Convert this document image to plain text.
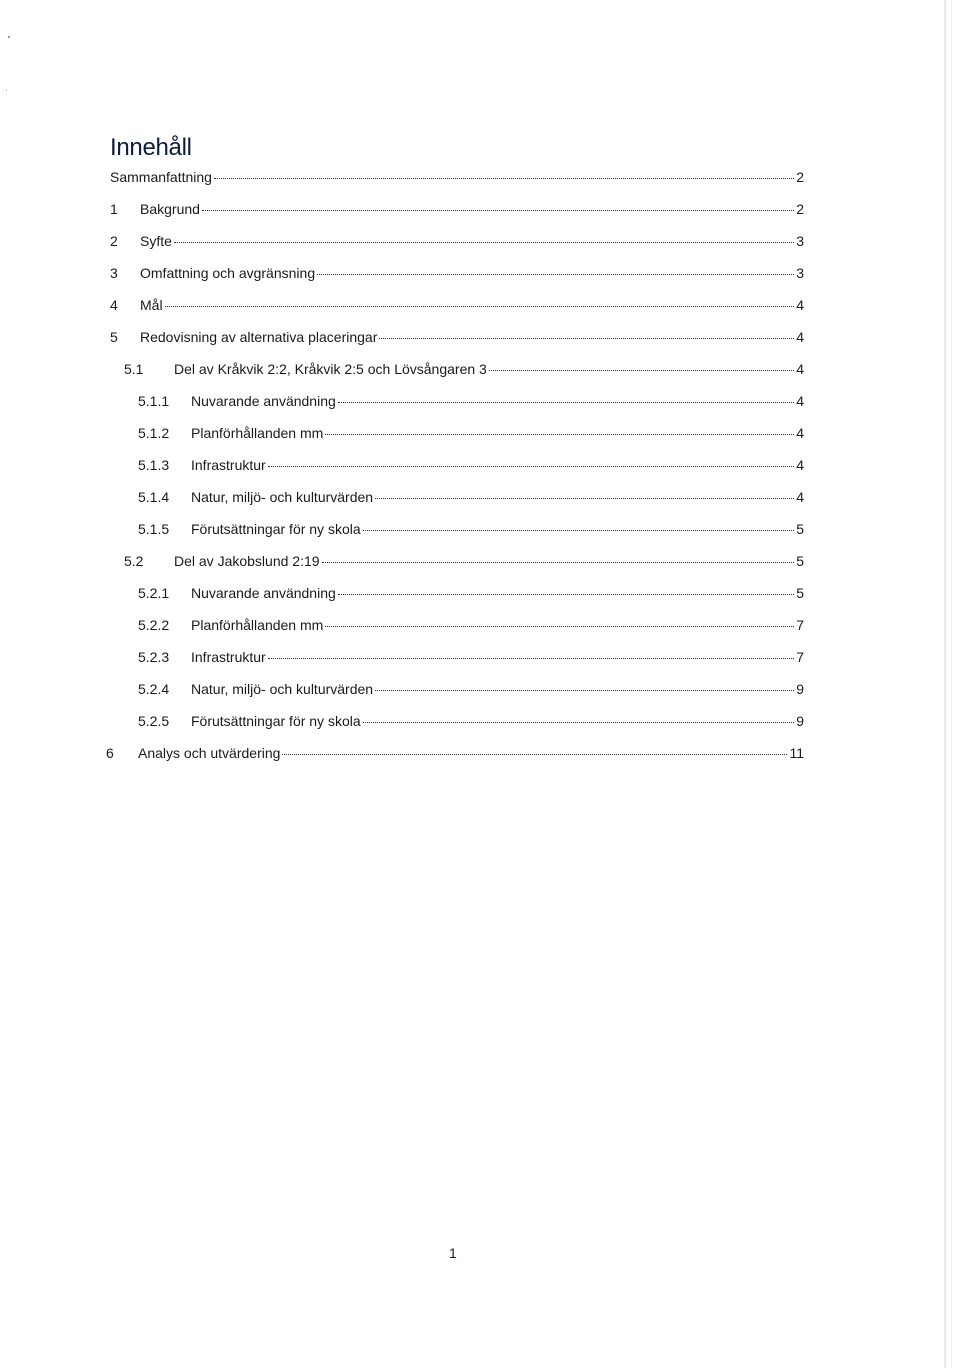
Innehåll
Sammanfattning	2
1	Bakgrund	2
2	Syfte	3
3	Omfattning och avgränsning	3
4	Mål	4
5	Redovisning av alternativa placeringar	4
5.1	Del av Kråkvik 2:2, Kråkvik 2:5 och Lövsångaren 3	4
5.1.1	Nuvarande användning	4
5.1.2	Planförhållanden mm	4
5.1.3	Infrastruktur	4
5.1.4	Natur, miljö- och kulturvärden	4
5.1.5	Förutsättningar för ny skola	5
5.2	Del av Jakobslund 2:19	5
5.2.1	Nuvarande användning	5
5.2.2	Planförhållanden mm	7
5.2.3	Infrastruktur	7
5.2.4	Natur, miljö- och kulturvärden	9
5.2.5	Förutsättningar för ny skola	9
6	Analys och utvärdering	11
1
